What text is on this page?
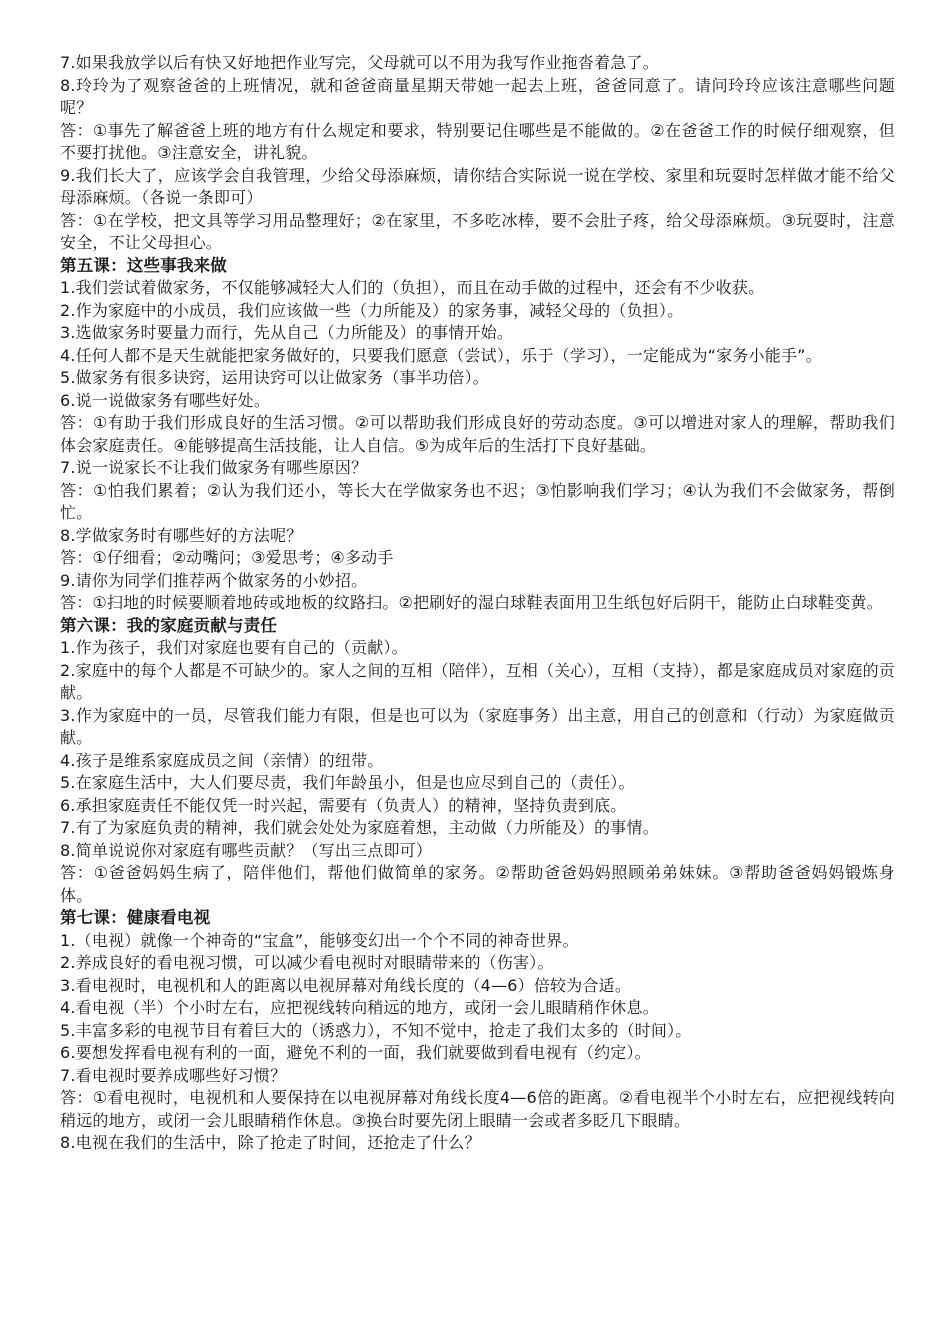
7.如果我放学以后有快又好地把作业写完，父母就可以不用为我写作业拖沓着急了。
8.玲玲为了观察爸爸的上班情况，就和爸爸商量星期天带她一起去上班，爸爸同意了。请问玲玲应该注意哪些问题呢？
答：①事先了解爸爸上班的地方有什么规定和要求，特别要记住哪些是不能做的。②在爸爸工作的时候仔细观察，但不要打扰他。③注意安全，讲礼貌。
9.我们长大了，应该学会自我管理，少给父母添麻烦，请你结合实际说一说在学校、家里和玩耍时怎样做才能不给父母添麻烦。（各说一条即可）
答：①在学校，把文具等学习用品整理好；②在家里，不多吃冰棒，要不会肚子疼，给父母添麻烦。③玩耍时，注意安全，不让父母担心。
第五课：这些事我来做
1.我们尝试着做家务，不仅能够减轻大人们的（负担），而且在动手做的过程中，还会有不少收获。
2.作为家庭中的小成员，我们应该做一些（力所能及）的家务事，减轻父母的（负担）。
3.选做家务时要量力而行，先从自己（力所能及）的事情开始。
4.任何人都不是天生就能把家务做好的，只要我们愿意（尝试），乐于（学习），一定能成为“家务小能手”。
5.做家务有很多诀窍，运用诀窍可以让做家务（事半功倍）。
6.说一说做家务有哪些好处。
答：①有助于我们形成良好的生活习惯。②可以帮助我们形成良好的劳动态度。③可以增进对家人的理解，帮助我们体会家庭责任。④能够提高生活技能，让人自信。⑤为成年后的生活打下良好基础。
7.说一说家长不让我们做家务有哪些原因？
答：①怕我们累着；②认为我们还小，等长大在学做家务也不迟；③怕影响我们学习；④认为我们不会做家务，帮倒忙。
8.学做家务时有哪些好的方法呢？
答：①仔细看；②动嘴问；③爱思考；④多动手
9.请你为同学们推荐两个做家务的小妙招。
答：①扫地的时候要顺着地砖或地板的纹路扫。②把刷好的湿白球鞋表面用卫生纸包好后阴干，能防止白球鞋变黄。
第六课：我的家庭贡献与责任
1.作为孩子，我们对家庭也要有自己的（贡献）。
2.家庭中的每个人都是不可缺少的。家人之间的互相（陪伴），互相（关心），互相（支持），都是家庭成员对家庭的贡献。
3.作为家庭中的一员，尽管我们能力有限，但是也可以为（家庭事务）出主意，用自己的创意和（行动）为家庭做贡献。
4.孩子是维系家庭成员之间（亲情）的纽带。
5.在家庭生活中，大人们要尽责，我们年龄虽小，但是也应尽到自己的（责任）。
6.承担家庭责任不能仅凭一时兴起，需要有（负责人）的精神，坚持负责到底。
7.有了为家庭负责的精神，我们就会处处为家庭着想，主动做（力所能及）的事情。
8.简单说说你对家庭有哪些贡献？（写出三点即可）
答：①爸爸妈妈生病了，陪伴他们，帮他们做简单的家务。②帮助爸爸妈妈照顾弟弟妹妹。③帮助爸爸妈妈锻炼身体。
第七课：健康看电视
1.（电视）就像一个神奇的“宝盒”，能够变幻出一个个不同的神奇世界。
2.养成良好的看电视习惯，可以减少看电视时对眼睛带来的（伤害）。
3.看电视时，电视机和人的距离以电视屏幕对角线长度的（4—6）倍较为合适。
4.看电视（半）个小时左右，应把视线转向稍远的地方，或闭一会儿眼睛稍作休息。
5.丰富多彩的电视节目有着巨大的（诱惑力），不知不觉中，抢走了我们太多的（时间）。
6.要想发挥看电视有利的一面，避免不利的一面，我们就要做到看电视有（约定）。
7.看电视时要养成哪些好习惯？
答：①看电视时，电视机和人要保持在以电视屏幕对角线长度4—6倍的距离。②看电视半个小时左右，应把视线转向稍远的地方，或闭一会儿眼睛稍作休息。③换台时要先闭上眼睛一会或者多眨几下眼睛。
8.电视在我们的生活中，除了抢走了时间，还抢走了什么？
